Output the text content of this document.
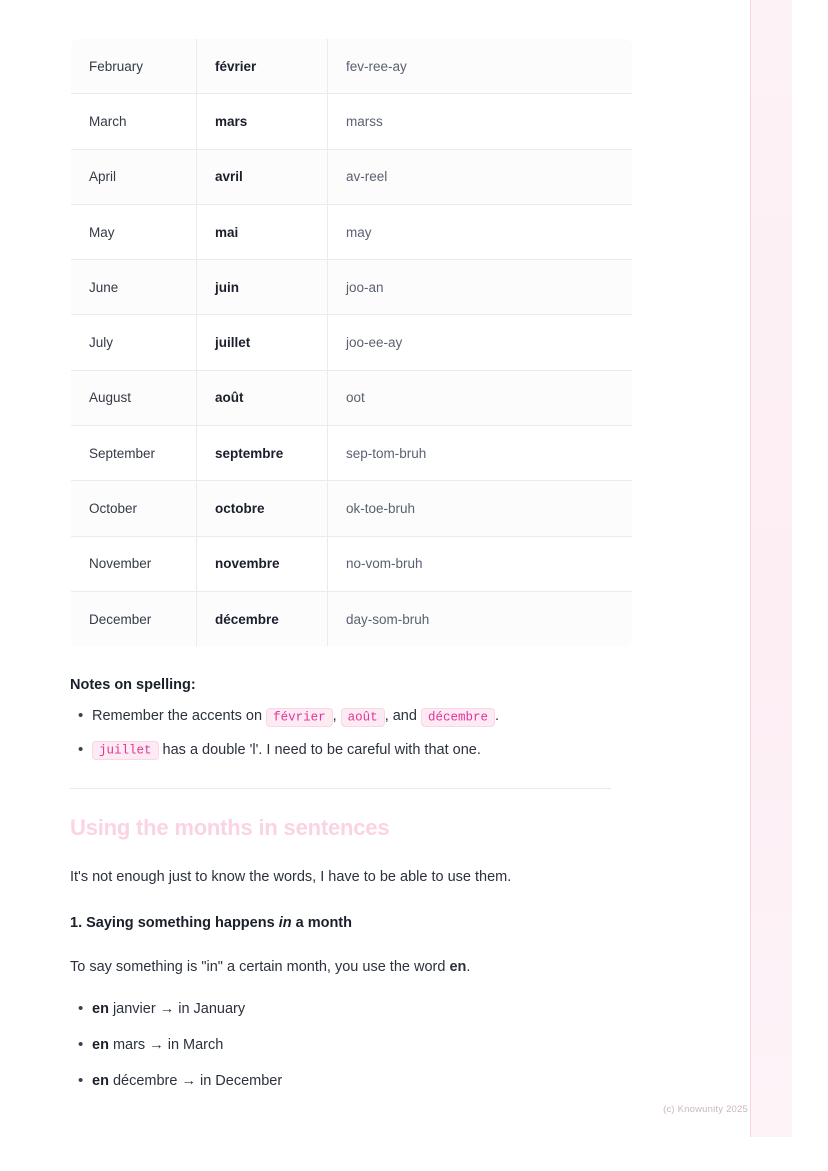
February	février	fev-ree-ay
March	mars	marss
April	avril	av-reel
May	mai	may
June	juin	joo-an
July	juillet	joo-ee-ay
August	août	oot
September	septembre	sep-tom-bruh
October	octobre	ok-toe-bruh
November	novembre	no-vom-bruh
December	décembre	day-som-bruh
Notes on spelling:
• Remember the accents on février , août , and décembre .
• juillet has a double 'l'. I need to be careful with that one.
Using the months in sentences

It's not enough just to know the words, I have to be able to use them.

1. Saying something happens in a month

To say something is "in" a certain month, you use the word en.

• en janvier → in January
• en mars → in March
• en décembre → in December
(c) Knowunity 2025
